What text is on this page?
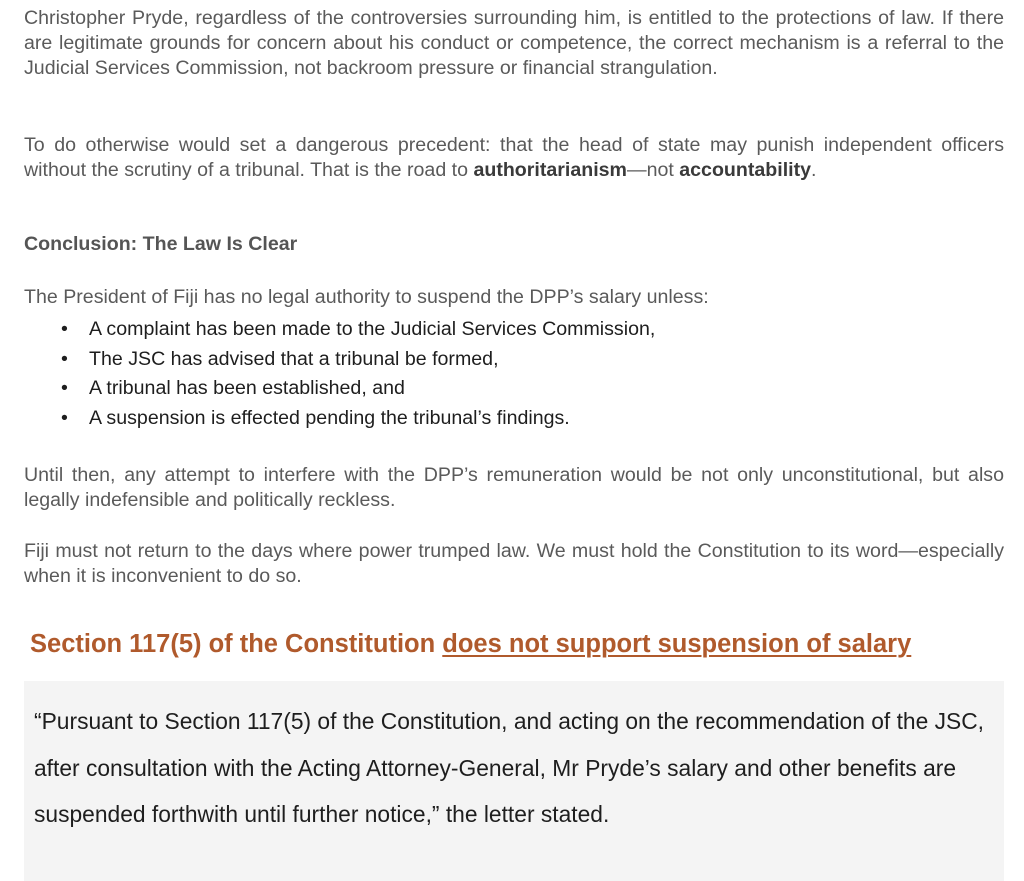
Christopher Pryde, regardless of the controversies surrounding him, is entitled to the protections of law. If there are legitimate grounds for concern about his conduct or competence, the correct mechanism is a referral to the Judicial Services Commission, not backroom pressure or financial strangulation.

To do otherwise would set a dangerous precedent: that the head of state may punish independent officers without the scrutiny of a tribunal. That is the road to authoritarianism—not accountability.

Conclusion: The Law Is Clear

The President of Fiji has no legal authority to suspend the DPP’s salary unless:

• A complaint has been made to the Judicial Services Commission,
• The JSC has advised that a tribunal be formed,
• A tribunal has been established, and
• A suspension is effected pending the tribunal’s findings.

Until then, any attempt to interfere with the DPP’s remuneration would be not only unconstitutional, but also legally indefensible and politically reckless.

Fiji must not return to the days where power trumped law. We must hold the Constitution to its word—especially when it is inconvenient to do so.

Section 117(5) of the Constitution does not support suspension of salary

“Pursuant to Section 117(5) of the Constitution, and acting on the recommendation of the JSC, after consultation with the Acting Attorney-General, Mr Pryde’s salary and other benefits are suspended forthwith until further notice,” the letter stated.
